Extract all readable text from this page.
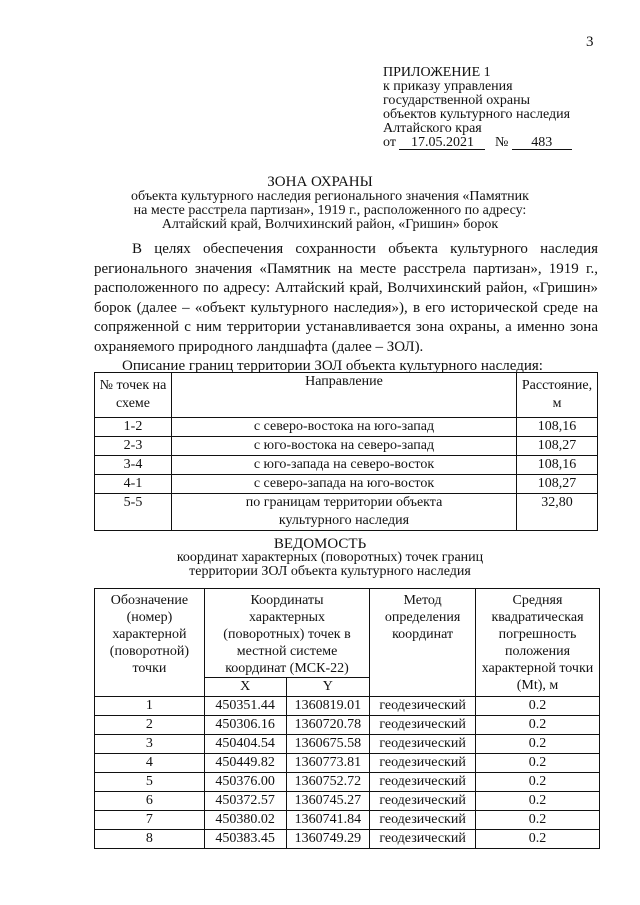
3
ПРИЛОЖЕНИЕ 1
к приказу управления
государственной охраны
объектов культурного наследия
Алтайского края
от 17.05.2021 № 483
ЗОНА ОХРАНЫ
объекта культурного наследия регионального значения «Памятник
на месте расстрела партизан», 1919 г., расположенного по адресу:
Алтайский край, Волчихинский район, «Гришин» борок

В целях обеспечения сохранности объекта культурного наследия регионального значения «Памятник на месте расстрела партизан», 1919 г., расположенного по адресу: Алтайский край, Волчихинский район, «Гришин» борок (далее – «объект культурного наследия»), в его исторической среде на сопряженной с ним территории устанавливается зона охраны, а именно зона охраняемого природного ландшафта (далее – ЗОЛ).

Описание границ территории ЗОЛ объекта культурного наследия:

№ точек на схеме	Направление	Расстояние, м
1-2	с северо-востока на юго-запад	108,16
2-3	с юго-востока на северо-запад	108,27
3-4	с юго-запада на северо-восток	108,16
4-1	с северо-запада на юго-восток	108,27
5-5	по границам территории объекта культурного наследия	32,80
ВЕДОМОСТЬ
координат характерных (поворотных) точек границ
территории ЗОЛ объекта культурного наследия
Обозначение (номер) характерной (поворотной) точки	Координаты характерных (поворотных) точек в местной системе координат (МСК-22)		Метод определения координат	Средняя квадратическая погрешность положения характерной точки (Mt), м
	X	Y		
1	450351.44	1360819.01	геодезический	0.2
2	450306.16	1360720.78	геодезический	0.2
3	450404.54	1360675.58	геодезический	0.2
4	450449.82	1360773.81	геодезический	0.2
5	450376.00	1360752.72	геодезический	0.2
6	450372.57	1360745.27	геодезический	0.2
7	450380.02	1360741.84	геодезический	0.2
8	450383.45	1360749.29	геодезический	0.2
